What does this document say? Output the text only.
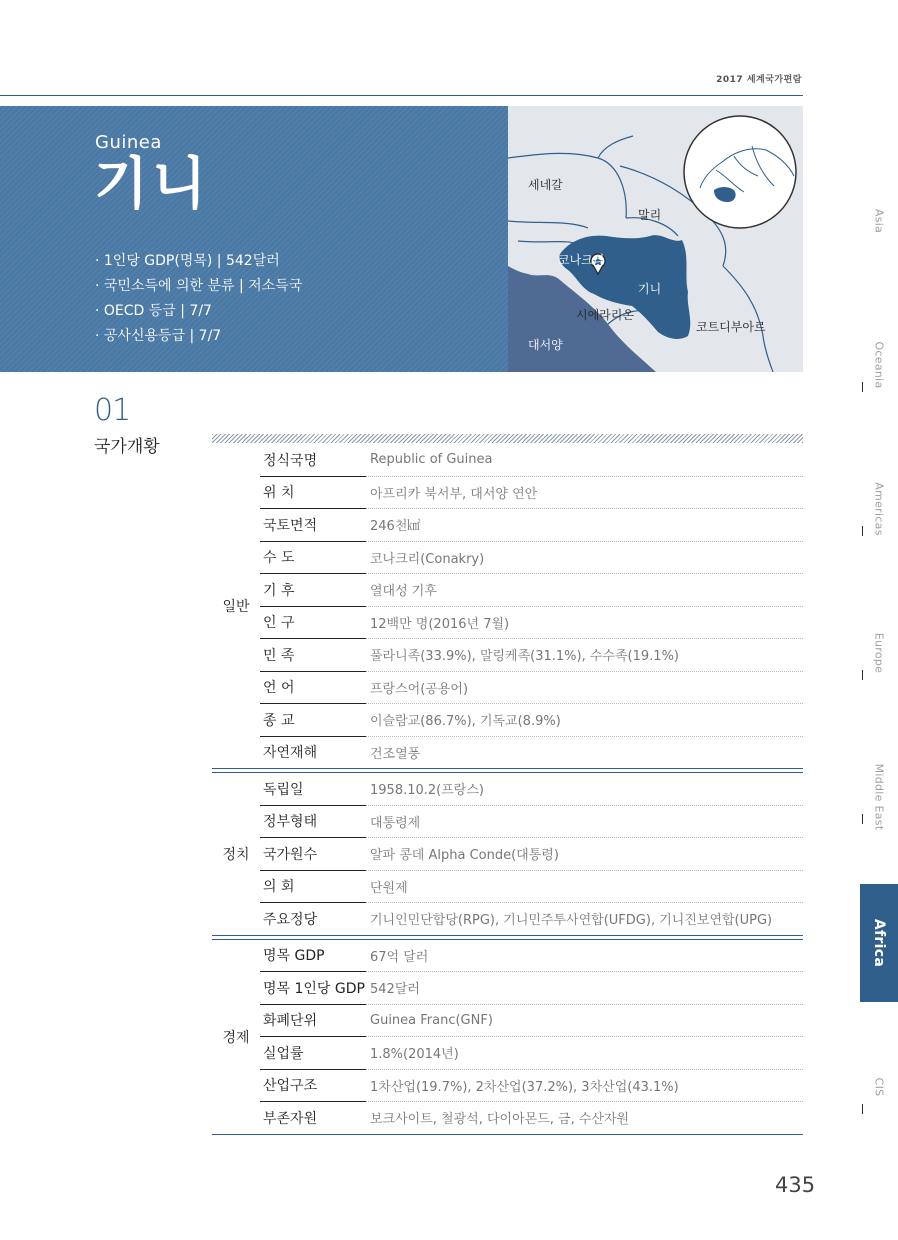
2017 세계국가편람
Guinea
기니
· 1인당 GDP(명목) | 542달러
· 국민소득에 의한 분류 | 저소득국
· OECD 등급 | 7/7
· 공사신용등급 | 7/7
세네갈
말리
코나크리
기니
시에라리온
코트디부아르
대서양
01
국가개황
일반
정식국명	Republic of Guinea
위 치	아프리카 북서부, 대서양 연안
국토면적	246천㎢
수 도	코나크리(Conakry)
기 후	열대성 기후
인 구	12백만 명(2016년 7월)
민 족	풀라니족(33.9%), 말링케족(31.1%), 수수족(19.1%)
언 어	프랑스어(공용어)
종 교	이슬람교(86.7%), 기독교(8.9%)
자연재해	건조열풍
정치
독립일	1958.10.2(프랑스)
정부형태	대통령제
국가원수	알파 콩데 Alpha Conde(대통령)
의 회	단원제
주요정당	기니인민단합당(RPG), 기니민주투사연합(UFDG), 기니진보연합(UPG)
경제
명목 GDP	67억 달러
명목 1인당 GDP 542달러
화폐단위	Guinea Franc(GNF)
실업률	1.8%(2014년)
산업구조	1차산업(19.7%), 2차산업(37.2%), 3차산업(43.1%)
부존자원	보크사이트, 철광석, 다이아몬드, 금, 수산자원
435
Asia
Oceania
Americas
Europe
Middle East
Africa
CIS
